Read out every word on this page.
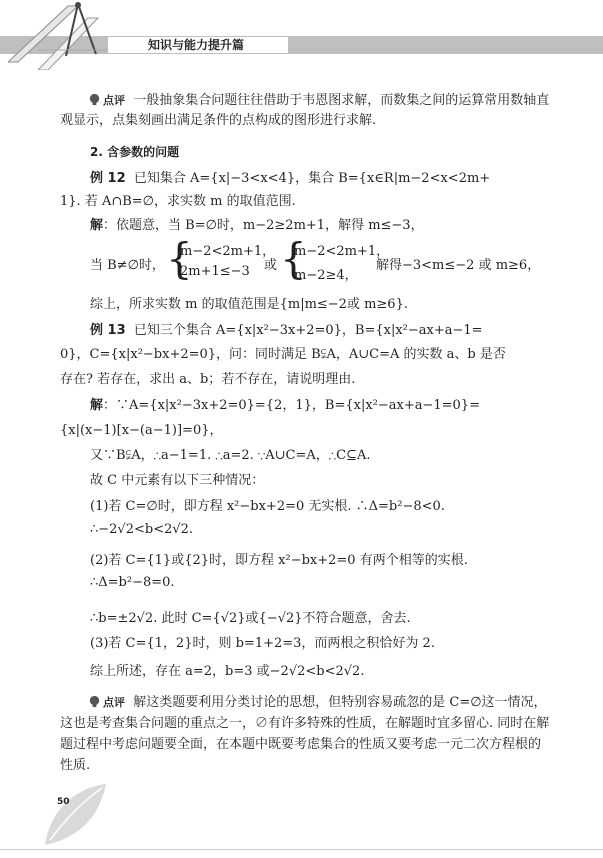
知识与能力提升篇
点评 一般抽象集合问题往往借助于韦恩图求解，而数集之间的运算常用数轴直观显示，点集刻画出满足条件的点构成的图形进行求解.
2. 含参数的问题
例 12 已知集合 A={x|−3<x<4}，集合 B={x∈R|m−2<x<2m+
1}. 若 A∩B=∅，求实数 m 的取值范围.
解：依题意，当 B=∅时，m−2≥2m+1，解得 m≤−3，
当 B≠∅时， {
m−2<2m+1，
2m+1≤−3 或 {
m−2<2m+1，
m−2≥4，
解得−3<m≤−2 或 m≥6，
综上，所求实数 m 的取值范围是{m|m≤−2或 m≥6}.
例 13 已知三个集合 A={x|x²−3x+2=0}，B={x|x²−ax+a−1=
0}，C={x|x²−bx+2=0}，问：同时满足 B⫋A，A∪C=A 的实数 a、b 是否
存在? 若存在，求出 a、b；若不存在，请说明理由.
解：∵A={x|x²−3x+2=0}={2，1}，B={x|x²−ax+a−1=0}=
{x|(x−1)[x−(a−1)]=0}，
又∵B⫋A，∴a−1=1. ∴a=2. ∵A∪C=A，∴C⊆A.
故 C 中元素有以下三种情况：
(1)若 C=∅时，即方程 x²−bx+2=0 无实根. ∴Δ=b²−8<0.
∴−2√2<b<2√2.
(2)若 C={1}或{2}时，即方程 x²−bx+2=0 有两个相等的实根.
∴Δ=b²−8=0.
∴b=±2√2. 此时 C={√2}或{−√2}不符合题意，舍去.
(3)若 C={1，2}时，则 b=1+2=3，而两根之积恰好为 2.
综上所述，存在 a=2，b=3 或−2√2<b<2√2.
点评 解这类题要利用分类讨论的思想，但特别容易疏忽的是 C=∅这一情况，这也是考查集合问题的重点之一，∅有许多特殊的性质，在解题时宜多留心. 同时在解题过程中考虑问题要全面，在本题中既要考虑集合的性质又要考虑一元二次方程根的性质.
50
